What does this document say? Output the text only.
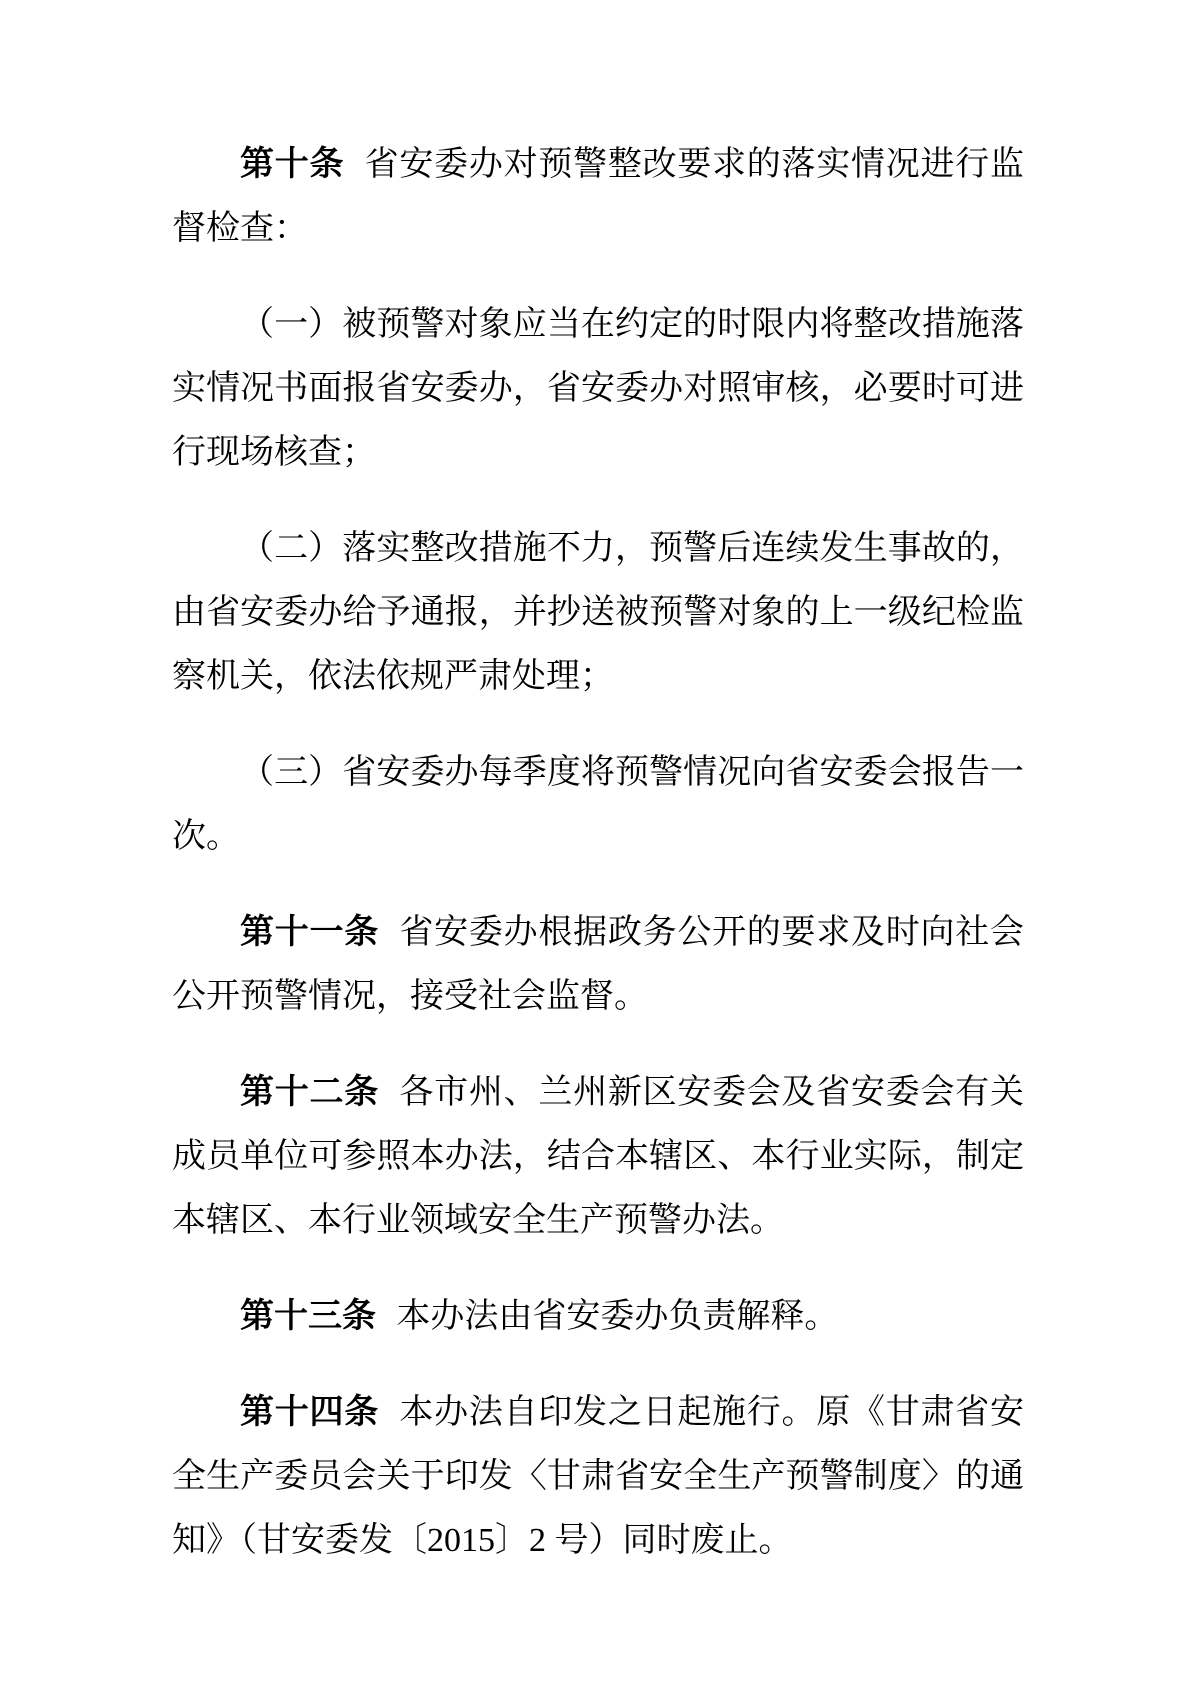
第十条 省安委办对预警整改要求的落实情况进行监督检查：

（一）被预警对象应当在约定的时限内将整改措施落实情况书面报省安委办，省安委办对照审核，必要时可进行现场核查；

（二）落实整改措施不力，预警后连续发生事故的，由省安委办给予通报，并抄送被预警对象的上一级纪检监察机关，依法依规严肃处理；

（三）省安委办每季度将预警情况向省安委会报告一次。

第十一条 省安委办根据政务公开的要求及时向社会公开预警情况，接受社会监督。

第十二条 各市州、兰州新区安委会及省安委会有关成员单位可参照本办法，结合本辖区、本行业实际，制定本辖区、本行业领域安全生产预警办法。

第十三条 本办法由省安委办负责解释。

第十四条 本办法自印发之日起施行。原《甘肃省安全生产委员会关于印发〈甘肃省安全生产预警制度〉的通知》（甘安委发〔2015〕2 号）同时废止。
